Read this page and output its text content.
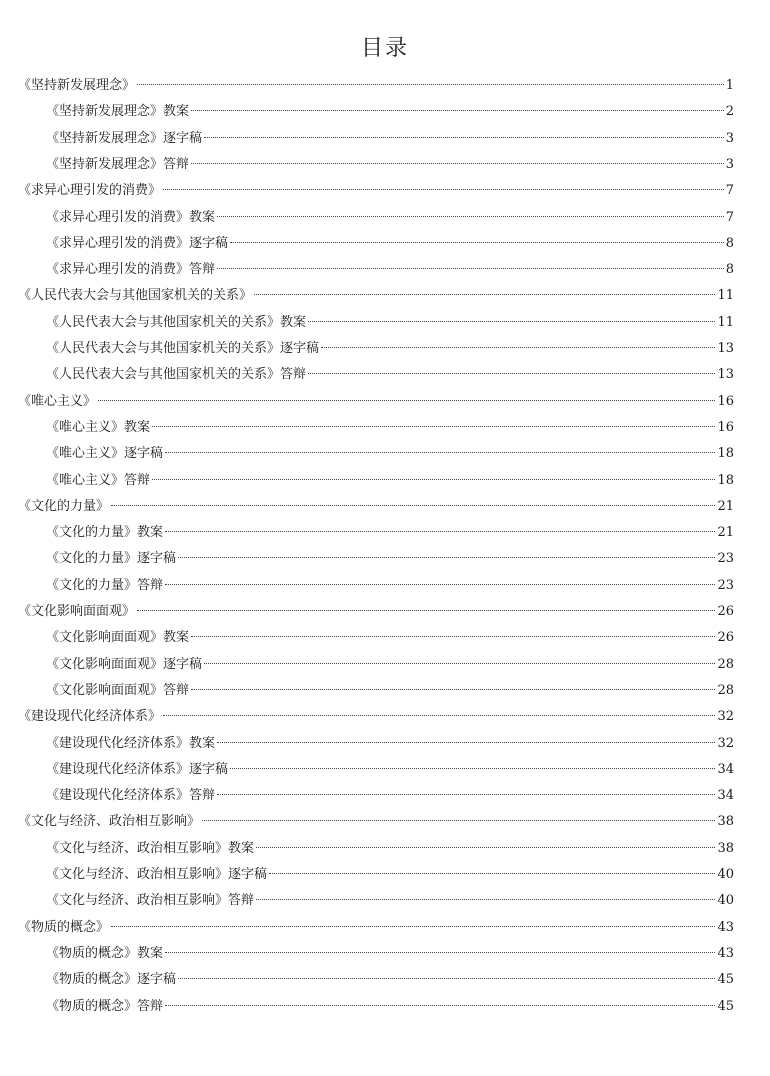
目录
《坚持新发展理念》	1
《坚持新发展理念》教案	2
《坚持新发展理念》逐字稿	3
《坚持新发展理念》答辩	3
《求异心理引发的消费》	7
《求异心理引发的消费》教案	7
《求异心理引发的消费》逐字稿	8
《求异心理引发的消费》答辩	8
《人民代表大会与其他国家机关的关系》	11
《人民代表大会与其他国家机关的关系》教案	11
《人民代表大会与其他国家机关的关系》逐字稿	13
《人民代表大会与其他国家机关的关系》答辩	13
《唯心主义》	16
《唯心主义》教案	16
《唯心主义》逐字稿	18
《唯心主义》答辩	18
《文化的力量》	21
《文化的力量》教案	21
《文化的力量》逐字稿	23
《文化的力量》答辩	23
《文化影响面面观》	26
《文化影响面面观》教案	26
《文化影响面面观》逐字稿	28
《文化影响面面观》答辩	28
《建设现代化经济体系》	32
《建设现代化经济体系》教案	32
《建设现代化经济体系》逐字稿	34
《建设现代化经济体系》答辩	34
《文化与经济、政治相互影响》	38
《文化与经济、政治相互影响》教案	38
《文化与经济、政治相互影响》逐字稿	40
《文化与经济、政治相互影响》答辩	40
《物质的概念》	43
《物质的概念》教案	43
《物质的概念》逐字稿	45
《物质的概念》答辩	45
